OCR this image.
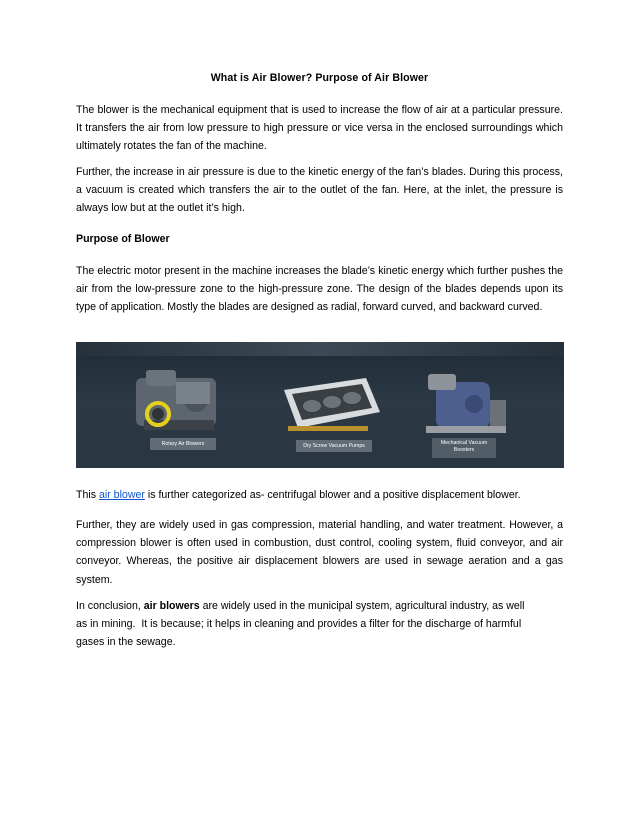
What is Air Blower? Purpose of Air Blower

The blower is the mechanical equipment that is used to increase the flow of air at a particular pressure. It transfers the air from low pressure to high pressure or vice versa in the enclosed surroundings which ultimately rotates the fan of the machine.

Further, the increase in air pressure is due to the kinetic energy of the fan’s blades. During this process, a vacuum is created which transfers the air to the outlet of the fan. Here, at the inlet, the pressure is always low but at the outlet it’s high.

Purpose of Blower

The electric motor present in the machine increases the blade’s kinetic energy which further pushes the air from the low-pressure zone to the high-pressure zone. The design of the blades depends upon its type of application. Mostly the blades are designed as radial, forward curved, and backward curved.

Rotary Air Blowers	Dry Screw Vacuum Pumps	Mechanical Vacuum Boosters

This air blower is further categorized as- centrifugal blower and a positive displacement blower.

Further, they are widely used in gas compression, material handling, and water treatment. However, a compression blower is often used in combustion, dust control, cooling system, fluid conveyor, and air conveyor. Whereas, the positive air displacement blowers are used in sewage aeration and a gas system.

In conclusion, air blowers are widely used in the municipal system, agricultural industry, as well
as in mining.  It is because; it helps in cleaning and provides a filter for the discharge of harmful
gases in the sewage.
